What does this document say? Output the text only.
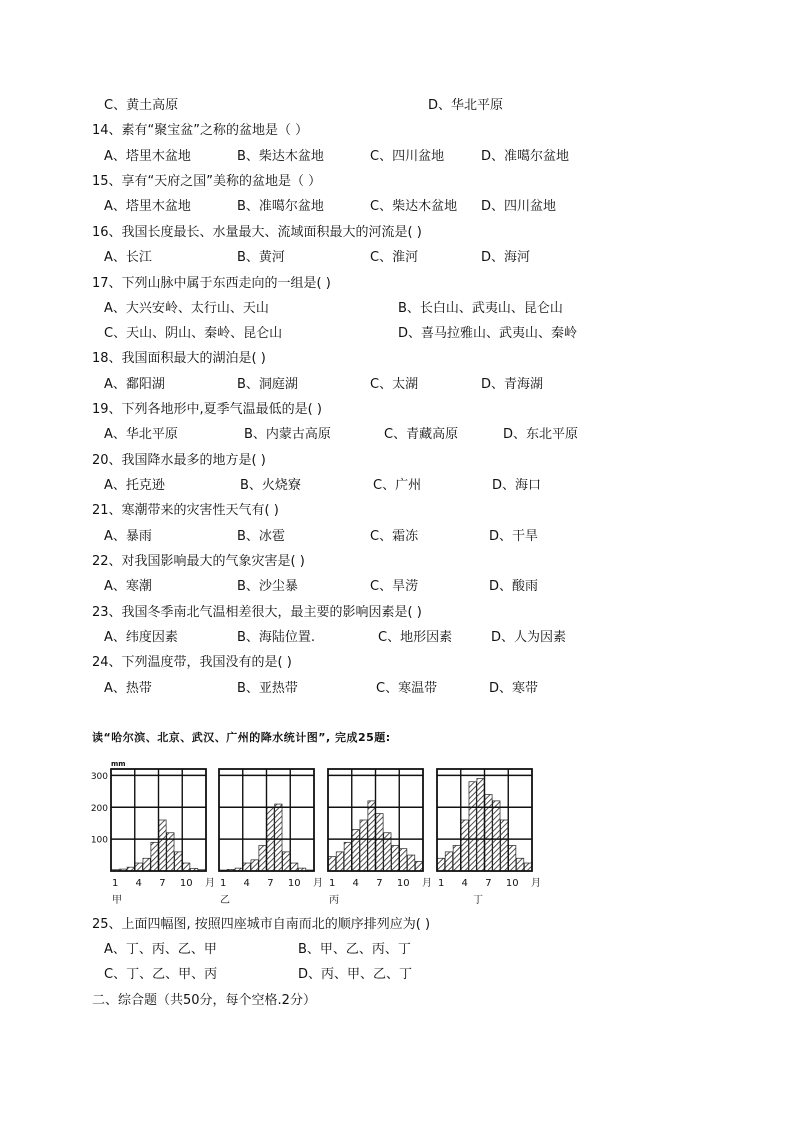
C、黄土高原	D、华北平原
14、素有“聚宝盆”之称的盆地是（ ）
A、塔里木盆地	B、柴达木盆地	C、四川盆地	D、准噶尔盆地
15、享有“天府之国”美称的盆地是（ ）
A、塔里木盆地	B、准噶尔盆地	C、柴达木盆地 D、四川盆地
16、我国长度最长、水量最大、流域面积最大的河流是( )
A、长江	B、黄河	C、淮河	D、海河
17、下列山脉中属于东西走向的一组是( )
A、大兴安岭、太行山、天山	B、长白山、武夷山、昆仑山
C、天山、阴山、秦岭、昆仑山	D、喜马拉雅山、武夷山、秦岭
18、我国面积最大的湖泊是( )
A、鄱阳湖	B、洞庭湖	C、太湖	D、青海湖
19、下列各地形中,夏季气温最低的是( )
A、华北平原	B、内蒙古高原	C、青藏高原	D、东北平原
20、我国降水最多的地方是( )
A、托克逊	B、火烧寮	C、广州	D、海口
21、寒潮带来的灾害性天气有( )
A、暴雨	B、冰雹	C、霜冻	D、干旱
22、对我国影响最大的气象灾害是( )
A、寒潮	B、沙尘暴	C、旱涝	D、酸雨
23、我国冬季南北气温相差很大，最主要的影响因素是( )
A、纬度因素	B、海陆位置.	C、地形因素	D、人为因素
24、下列温度带，我国没有的是( )
A、热带	B、亚热带	C、寒温带	D、寒带
读“哈尔滨、北京、武汉、广州的降水统计图”, 完成25题:
1 4 7 10 月
甲
1 4 7 10 月
乙
1 4 7 10 月
丙
1 4 7 10 月
丁
mm
300
200
100
25、上面四幅图, 按照四座城市自南而北的顺序排列应为( )
A、丁、丙、乙、甲	B、甲、乙、丙、丁
C、丁、乙、甲、丙	D、丙、甲、乙、丁
二、综合题（共50分，每个空格.2分）
